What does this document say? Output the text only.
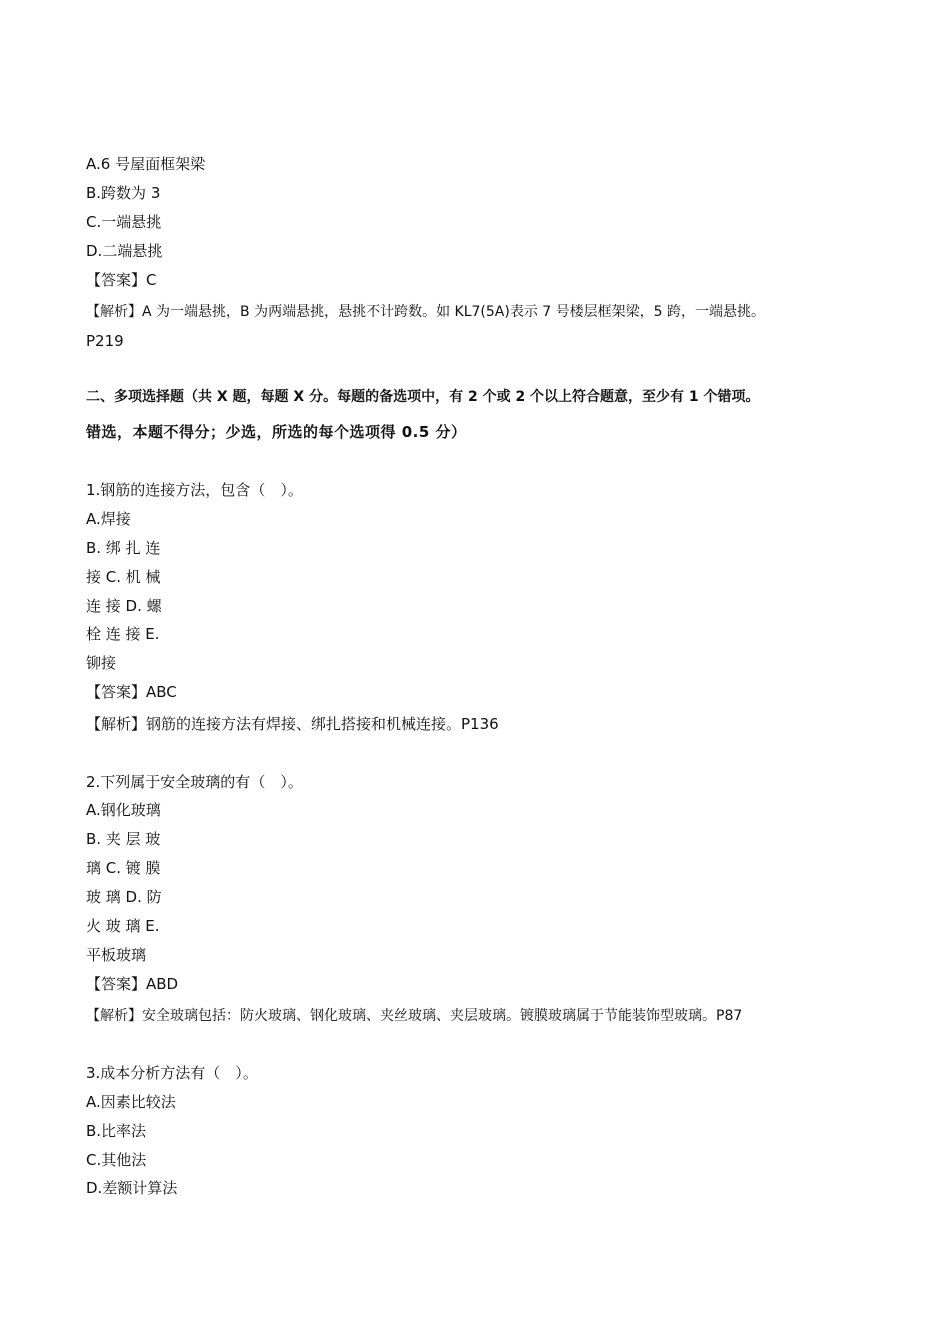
A.6 号屋面框架梁
B.跨数为 3
C.一端悬挑
D.二端悬挑
【答案】C
【解析】A 为一端悬挑，B 为两端悬挑，悬挑不计跨数。如 KL7(5A)表示 7 号楼层框架梁，5 跨，一端悬挑。
P219
二、多项选择题（共 X 题，每题 X 分。每题的备选项中，有 2 个或 2 个以上符合题意，至少有 1 个错项。
错选，本题不得分；少选，所选的每个选项得 0.5 分）
1.钢筋的连接方法，包含（　）。
A.焊接
B. 绑 扎 连
接 C. 机 械
连 接 D. 螺
栓 连 接 E.
铆接
【答案】ABC
【解析】钢筋的连接方法有焊接、绑扎搭接和机械连接。P136
2.下列属于安全玻璃的有（　）。
A.钢化玻璃
B. 夹 层 玻
璃 C. 镀 膜
玻 璃 D. 防
火 玻 璃 E.
平板玻璃
【答案】ABD
【解析】安全玻璃包括：防火玻璃、钢化玻璃、夹丝玻璃、夹层玻璃。镀膜玻璃属于节能装饰型玻璃。P87
3.成本分析方法有（　）。
A.因素比较法
B.比率法
C.其他法
D.差额计算法
